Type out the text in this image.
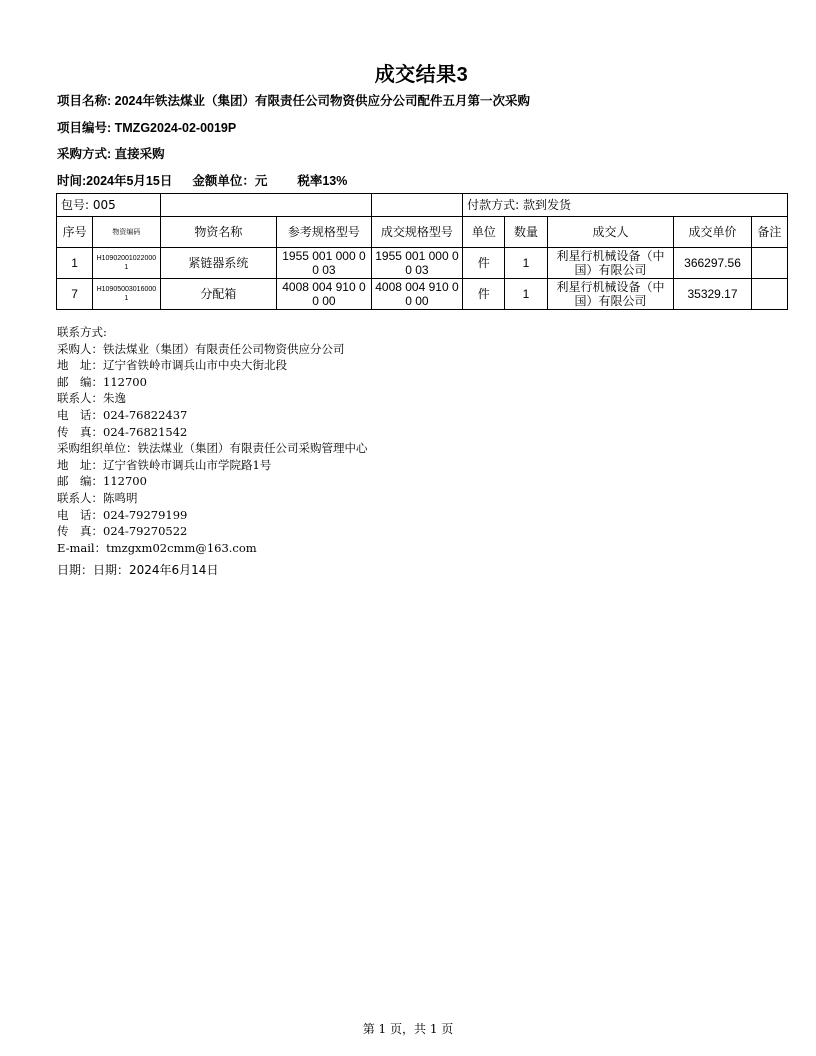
成交结果3
项目名称: 2024年铁法煤业（集团）有限责任公司物资供应分公司配件五月第一次采购
项目编号: TMZG2024-02-0019P
采购方式: 直接采购
时间:2024年5月15日 金额单位：元 税率13%
包号: 005					付款方式: 款到发货				
序号	物资编码	物资名称	参考规格型号	成交规格型号	单位	数量	成交人	成交单价	备注
1	H109020010220001	紧链器系统	1955 001 000 00 03	1955 001 000 00 03	件	1	利星行机械设备（中国）有限公司	366297.56	
7	H109050030160001	分配箱	4008 004 910 00 00	4008 004 910 00 00	件	1	利星行机械设备（中国）有限公司	35329.17	
联系方式:
采购人：铁法煤业（集团）有限责任公司物资供应分公司
地　址：辽宁省铁岭市调兵山市中央大街北段
邮　编：112700
联系人：朱逸
电　话：024-76822437
传　真：024-76821542
采购组织单位：铁法煤业（集团）有限责任公司采购管理中心
地　址：辽宁省铁岭市调兵山市学院路1号
邮　编：112700
联系人：陈鸣明
电　话：024-79279199
传　真：024-79270522
E-mail：tmzgxm02cmm@163.com
日期：日期：2024年6月14日
第 1 页，共 1 页
